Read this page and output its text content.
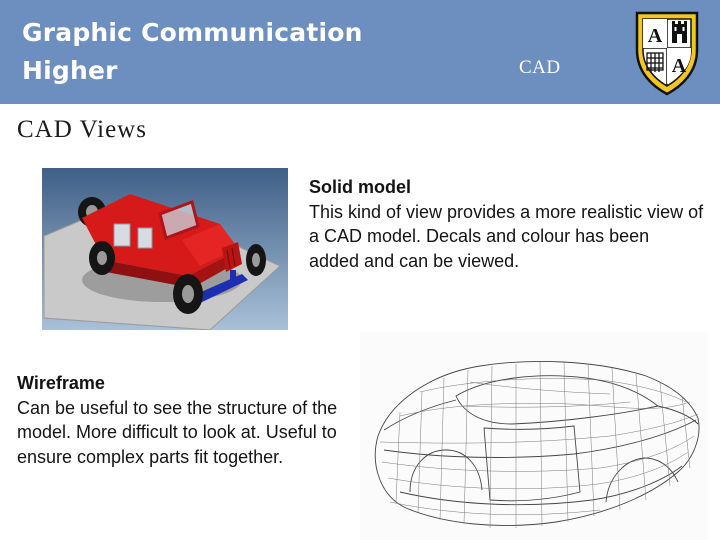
Graphic Communication
Higher	CAD
A
A
CAD Views
Solid model
This kind of view provides a more realistic view of a CAD model. Decals and colour has been added and can be viewed.
Wireframe
Can be useful to see the structure of the model. More difficult to look at. Useful to ensure complex parts fit together.
